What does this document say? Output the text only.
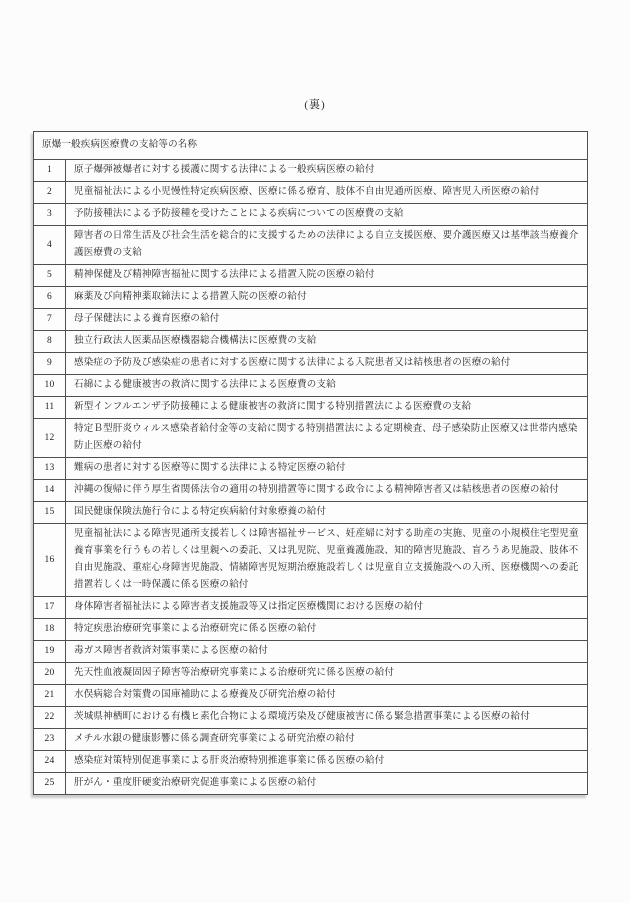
(裏)
原爆一般疾病医療費の支給等の名称	
1	原子爆弾被爆者に対する援護に関する法律による一般疾病医療の給付
2	児童福祉法による小児慢性特定疾病医療、医療に係る療育、肢体不自由児通所医療、障害児入所医療の給付
3	予防接種法による予防接種を受けたことによる疾病についての医療費の支給
4	障害者の日常生活及び社会生活を総合的に支援するための法律による自立支援医療、要介護医療又は基準該当療養介護医療費の支給
5	精神保健及び精神障害福祉に関する法律による措置入院の医療の給付
6	麻薬及び向精神薬取締法による措置入院の医療の給付
7	母子保健法による養育医療の給付
8	独立行政法人医薬品医療機器総合機構法に医療費の支給
9	感染症の予防及び感染症の患者に対する医療に関する法律による入院患者又は結核患者の医療の給付
10	石綿による健康被害の救済に関する法律による医療費の支給
11	新型インフルエンザ予防接種による健康被害の救済に関する特別措置法による医療費の支給
12	特定Ｂ型肝炎ウィルス感染者給付金等の支給に関する特別措置法による定期検査、母子感染防止医療又は世帯内感染防止医療の給付
13	難病の患者に対する医療等に関する法律による特定医療の給付
14	沖縄の復帰に伴う厚生省関係法令の適用の特別措置等に関する政令による精神障害者又は結核患者の医療の給付
15	国民健康保険法施行令による特定疾病給付対象療養の給付
16	児童福祉法による障害児通所支援若しくは障害福祉サービス、妊産婦に対する助産の実施、児童の小規模住宅型児童養育事業を行うもの若しくは里親への委託、又は乳児院、児童養護施設、知的障害児施設、盲ろうあ児施設、肢体不自由児施設、重症心身障害児施設、情緒障害児短期治療施設若しくは児童自立支援施設への入所、医療機関への委託措置若しくは一時保護に係る医療の給付
17	身体障害者福祉法による障害者支援施設等又は指定医療機関における医療の給付
18	特定疾患治療研究事業による治療研究に係る医療の給付
19	毒ガス障害者救済対策事業による医療の給付
20	先天性血液凝固因子障害等治療研究事業による治療研究に係る医療の給付
21	水俣病総合対策費の国庫補助による療養及び研究治療の給付
22	茨城県神栖町における有機ヒ素化合物による環境汚染及び健康被害に係る緊急措置事業による医療の給付
23	メチル水銀の健康影響に係る調査研究事業による研究治療の給付
24	感染症対策特別促進事業による肝炎治療特別推進事業に係る医療の給付
25	肝がん・重度肝硬変治療研究促進事業による医療の給付
